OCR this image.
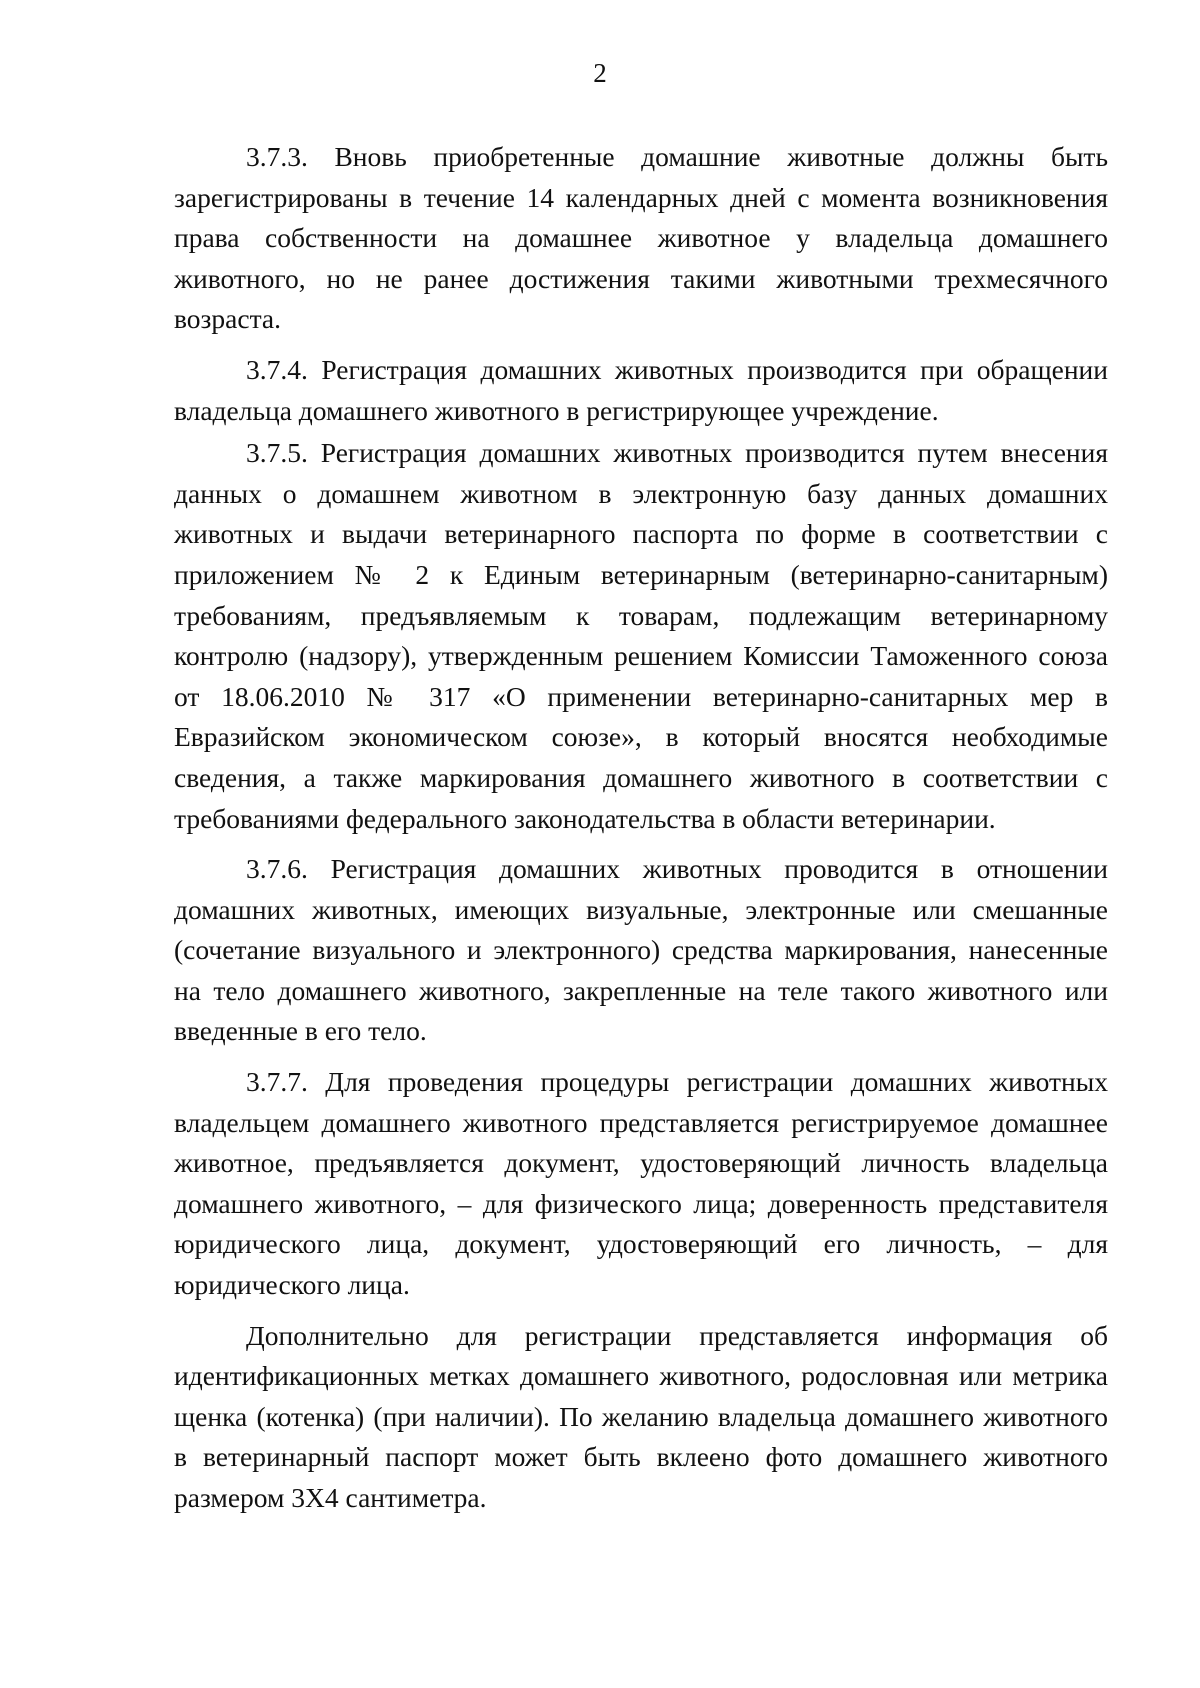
2

3.7.3. Вновь приобретенные домашние животные должны быть зарегистрированы в течение 14 календарных дней с момента возникновения права собственности на домашнее животное у владельца домашнего животного, но не ранее достижения такими животными трехмесячного возраста.

3.7.4. Регистрация домашних животных производится при обращении владельца домашнего животного в регистрирующее учреждение.

3.7.5. Регистрация домашних животных производится путем внесения данных о домашнем животном в электронную базу данных домашних животных и выдачи ветеринарного паспорта по форме в соответствии с приложением № 2 к Единым ветеринарным (ветеринарно-санитарным) требованиям, предъявляемым к товарам, подлежащим ветеринарному контролю (надзору), утвержденным решением Комиссии Таможенного союза от 18.06.2010 № 317 «О применении ветеринарно-санитарных мер в Евразийском экономическом союзе», в который вносятся необходимые сведения, а также маркирования домашнего животного в соответствии с требованиями федерального законодательства в области ветеринарии.

3.7.6. Регистрация домашних животных проводится в отношении домашних животных, имеющих визуальные, электронные или смешанные (сочетание визуального и электронного) средства маркирования, нанесенные на тело домашнего животного, закрепленные на теле такого животного или введенные в его тело.

3.7.7. Для проведения процедуры регистрации домашних животных владельцем домашнего животного представляется регистрируемое домашнее животное, предъявляется документ, удостоверяющий личность владельца домашнего животного, – для физического лица; доверенность представителя юридического лица, документ, удостоверяющий его личность, – для юридического лица.

Дополнительно для регистрации представляется информация об идентификационных метках домашнего животного, родословная или метрика щенка (котенка) (при наличии). По желанию владельца домашнего животного в ветеринарный паспорт может быть вклеено фото домашнего животного размером 3Х4 сантиметра.
